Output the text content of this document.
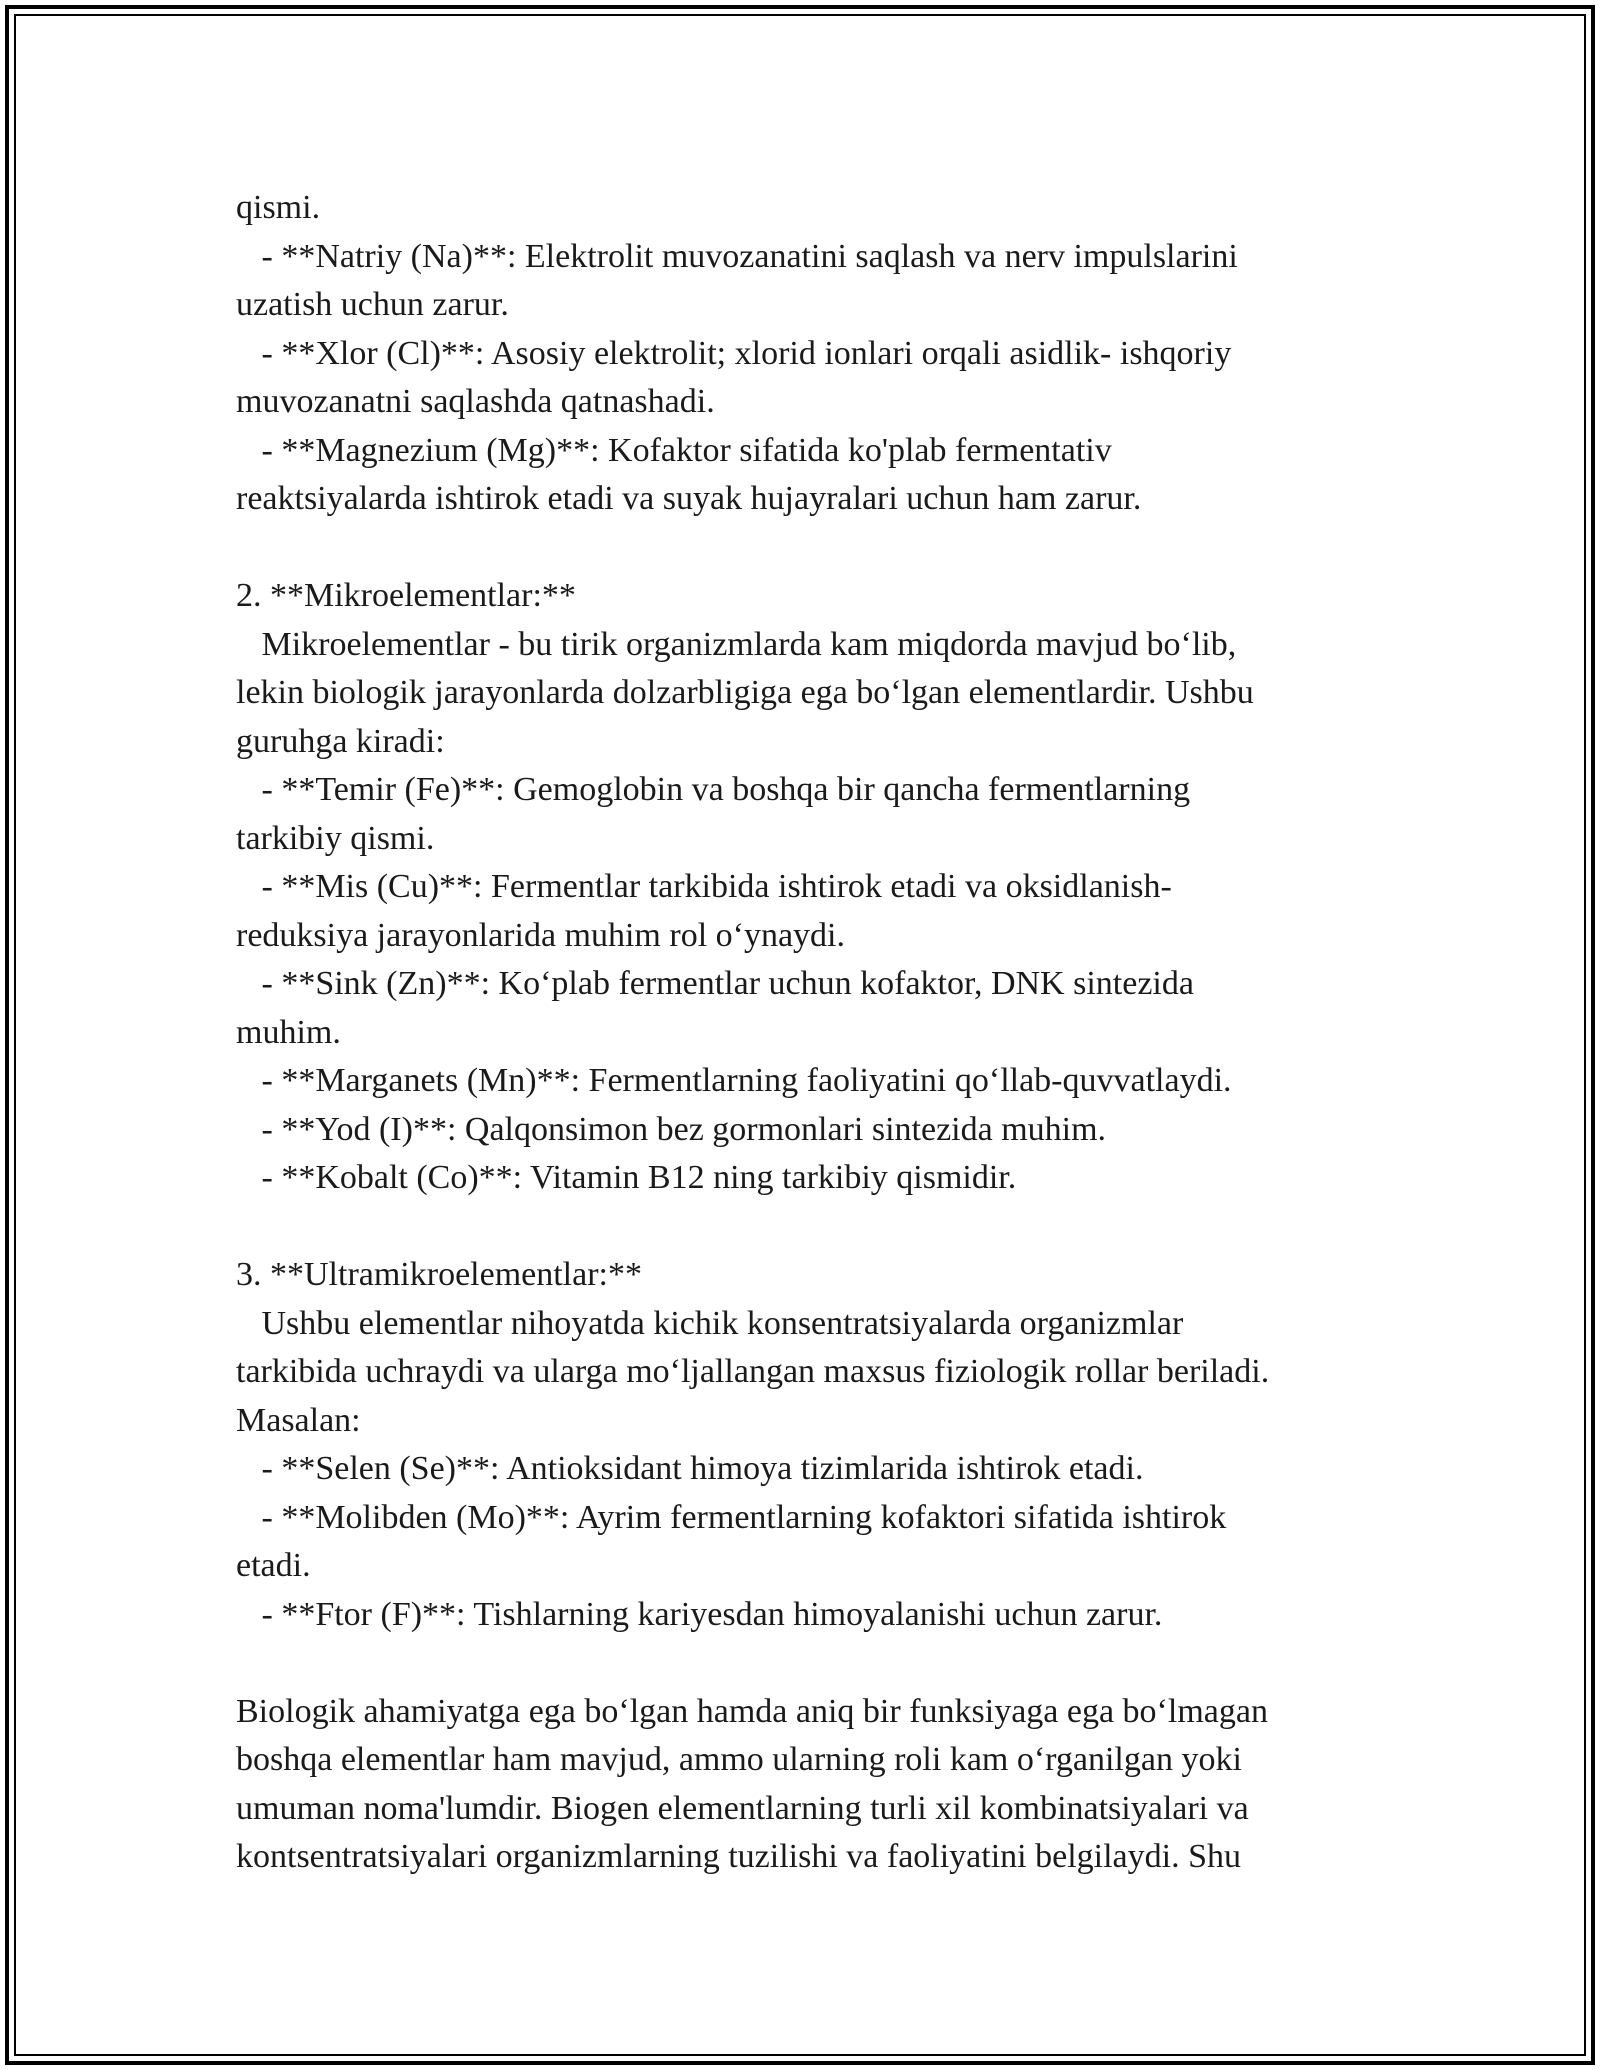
qismi.
- **Natriy (Na)**: Elektrolit muvozanatini saqlash va nerv impulslarini
uzatish uchun zarur.
- **Xlor (Cl)**: Asosiy elektrolit; xlorid ionlari orqali asidlik- ishqoriy
muvozanatni saqlashda qatnashadi.
- **Magnezium (Mg)**: Kofaktor sifatida ko'plab fermentativ
reaktsiyalarda ishtirok etadi va suyak hujayralari uchun ham zarur.
2. **Mikroelementlar:**
Mikroelementlar - bu tirik organizmlarda kam miqdorda mavjud bo‘lib,
lekin biologik jarayonlarda dolzarbligiga ega bo‘lgan elementlardir. Ushbu
guruhga kiradi:
- **Temir (Fe)**: Gemoglobin va boshqa bir qancha fermentlarning
tarkibiy qismi.
- **Mis (Cu)**: Fermentlar tarkibida ishtirok etadi va oksidlanish-
reduksiya jarayonlarida muhim rol o‘ynaydi.
- **Sink (Zn)**: Ko‘plab fermentlar uchun kofaktor, DNK sintezida
muhim.
- **Marganets (Mn)**: Fermentlarning faoliyatini qo‘llab-quvvatlaydi.
- **Yod (I)**: Qalqonsimon bez gormonlari sintezida muhim.
- **Kobalt (Co)**: Vitamin B12 ning tarkibiy qismidir.
3. **Ultramikroelementlar:**
Ushbu elementlar nihoyatda kichik konsentratsiyalarda organizmlar
tarkibida uchraydi va ularga mo‘ljallangan maxsus fiziologik rollar beriladi.
Masalan:
- **Selen (Se)**: Antioksidant himoya tizimlarida ishtirok etadi.
- **Molibden (Mo)**: Ayrim fermentlarning kofaktori sifatida ishtirok
etadi.
- **Ftor (F)**: Tishlarning kariyesdan himoyalanishi uchun zarur.
Biologik ahamiyatga ega bo‘lgan hamda aniq bir funksiyaga ega bo‘lmagan
boshqa elementlar ham mavjud, ammo ularning roli kam o‘rganilgan yoki
umuman noma'lumdir. Biogen elementlarning turli xil kombinatsiyalari va
kontsentratsiyalari organizmlarning tuzilishi va faoliyatini belgilaydi. Shu
